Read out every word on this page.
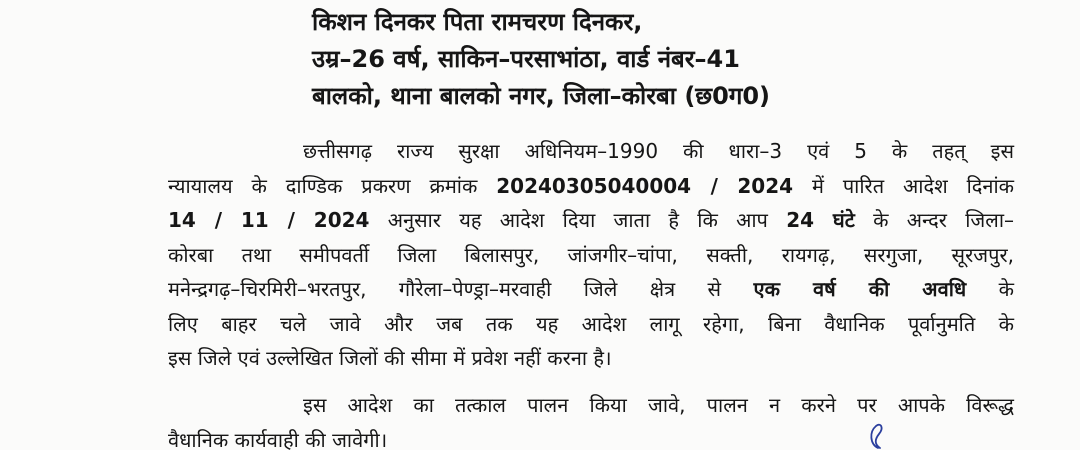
किशन दिनकर पिता रामचरण दिनकर,
उम्र–26 वर्ष, साकिन–परसाभांठा, वार्ड नंबर–41
बालको, थाना बालको नगर, जिला–कोरबा (छ0ग0)
छत्तीसगढ़ राज्य सुरक्षा अधिनियम–1990 की धारा–3 एवं 5 के तहत् इस
न्यायालय के दाण्डिक प्रकरण क्रमांक 20240305040004 / 2024 में पारित आदेश दिनांक
14 / 11 / 2024 अनुसार यह आदेश दिया जाता है कि आप 24 घंटे के अन्दर जिला–
कोरबा तथा समीपवर्ती जिला बिलासपुर, जांजगीर–चांपा, सक्ती, रायगढ़, सरगुजा, सूरजपुर,
मनेन्द्रगढ़–चिरमिरी–भरतपुर, गौरेला–पेण्ड्रा–मरवाही जिले क्षेत्र से एक वर्ष की अवधि के
लिए बाहर चले जावे और जब तक यह आदेश लागू रहेगा, बिना वैधानिक पूर्वानुमति के
इस जिले एवं उल्लेखित जिलों की सीमा में प्रवेश नहीं करना है।
इस आदेश का तत्काल पालन किया जावे, पालन न करने पर आपके विरूद्ध
वैधानिक कार्यवाही की जावेगी।
